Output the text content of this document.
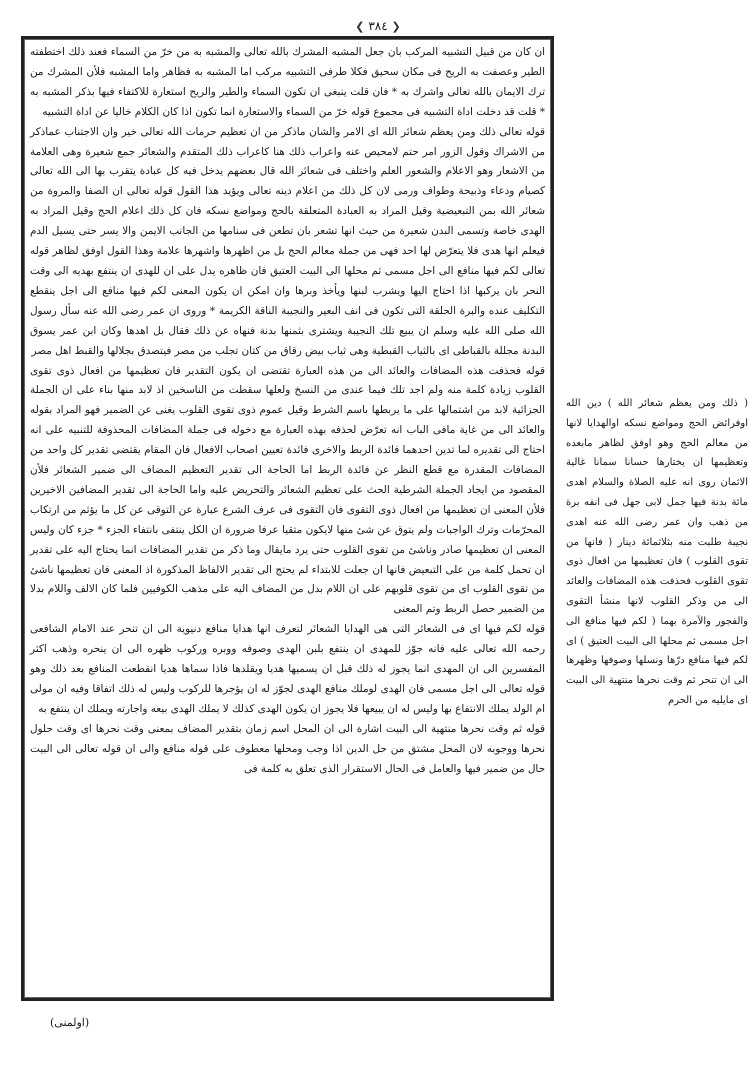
❮ ٣٨٤ ❯

ان كان من قبيل التشبيه المركب بان جعل المشبه المشرك بالله تعالى والمشبه به من خرّ من السماء فعند ذلك اختطفته الطير وعصفت به الريح فى مكان سحيق فكلا طرفى التشبيه مركب اما المشبه به فظاهر واما المشبه فلأن المشرك من ترك الايمان بالله تعالى واشرك به * فان قلت ينبغى ان تكون السماء والطير والريح استعارة للاكتفاء فيها بذكر المشبه به * قلت قد دخلت اداة التشبيه فى مجموع قوله خرّ من السماء والاستعارة انما تكون اذا كان الكلام خاليا عن اداة التشبيه

قوله تعالى ذلك ومن يعظم شعائر الله اى الامر والشان ماذكر من ان تعظيم حرمات الله تعالى خير وان الاجتناب عماذكر من الاشراك وقول الزور امر حتم لامحيص عنه واعراب ذلك هنا كاعراب ذلك المتقدم والشعائر جمع شعيرة وهى العلامة من الاشعار وهو الاعلام والشعور العلم واختلف فى شعائر الله قال بعضهم يدخل فيه كل عبادة يتقرب بها الى الله تعالى كصيام ودعاء وذبيحة وطواف ورمى لان كل ذلك من اعلام دينه تعالى ويؤيد هذا القول قوله تعالى ان الصفا والمروة من شعائر الله بمن التبعيضية وقيل المراد به العبادة المتعلقة بالحج ومواضع نسكه فان كل ذلك اعلام الحج وقيل المراد به الهدى خاصة وتسمى البدن شعيرة من حيث انها تشعر بان تطعن فى سنامها من الجانب الايمن والا يسر حتى يسيل الدم فيعلم انها هدى فلا يتعرّض لها احد فهى من جملة معالم الحج بل من اظهرها واشهرها علامة وهذا القول اوفق لظاهر قوله تعالى لكم فيها منافع الى اجل مسمى ثم محلها الى البيت العتيق فان ظاهره يدل على ان للهدى ان ينتفع بهديه الى وقت النحر بان يركبها اذا احتاج اليها ويشرب لبنها ويأخذ وبرها وان امكن ان يكون المعنى لكم فيها منافع الى اجل ينقطع التكليف عنده والبرة الحلقة التى تكون فى انف البعير والنجيبة الناقة الكريمة * وروى ان عمر رضى الله عنه سأل رسول الله صلى الله عليه وسلم ان يبيع تلك النجيبة ويشترى بثمنها بدنة فنهاه عن ذلك فقال بل اهدها وكان ابن عمر يسوق البدنة مجللة بالقباطى اى بالثياب القبطية وهى ثياب بيض رقاق من كتان تجلب من مصر فيتصدق بجلالها والقبط اهل مصر

قوله فحذفت هذه المضافات والعائد الى من هذه العبارة تقتضى ان يكون التقدير فان تعظيمها من افعال ذوى تقوى القلوب زيادة كلمة منه ولم اجد تلك فيما عندى من النسخ ولعلها سقطت من الناسخين اذ لابد منها بناء على ان الجملة الجزائية لابد من اشتمالها على ما يربطها باسم الشرط وقيل عموم ذوى تقوى القلوب يغنى عن الضمير فهو المراد بقوله والعائد الى من غاية مافى الباب انه تعرّض لحذفه بهذه العبارة مع دخوله فى جملة المضافات المحذوفة للتنبيه على انه احتاج الى تقديره لما تدين احدهما فائدة الربط والاخرى فائدة تعيين اصحاب الافعال فان المقام يقتضى تقدير كل واحد من المضافات المقدرة مع قطع النظر عن فائدة الربط اما الحاجة الى تقدير التعظيم المضاف الى ضمير الشعائر فلأن المقصود من ايجاد الجملة الشرطية الحث على تعظيم الشعائر والتحريض عليه واما الحاجة الى تقدير المضافين الاخيرين فلأن المعنى ان تعظيمها من افعال ذوى التقوى فان التقوى فى عرف الشرع عبارة عن التوقى عن كل ما يؤثم من ارتكاب المحرّمات وترك الواجبات ولم يتوق عن شئ منها لايكون متقيا عرفا ضرورة ان الكل ينتفى بانتفاء الجزء * جزء كان وليس المعنى ان تعظيمها صادر وناشئ من تقوى القلوب حتى يرد مايقال وما ذكر من تقدير المضافات انما يحتاج اليه على تقدير ان تحمل كلمة من على التبعيض فانها ان جعلت للابتداء لم يحتج الى تقدير الالفاظ المذكورة اذ المعنى فان تعظيمها ناشئ من تقوى القلوب اى من تقوى قلوبهم على ان اللام بدل من المضاف اليه على مذهب الكوفيين فلما كان الالف واللام بدلا من الضمير حصل الربط وتم المعنى

قوله لكم فيها اى فى الشعائر التى هى الهدايا الشعائر لتعرف انها هدايا منافع دنيوية الى ان تنحر عند الامام الشافعى رحمه الله تعالى عليه فانه جوّز للمهدى ان ينتفع بلبن الهدى وصوفه ووبره وركوب ظهره الى ان ينحره وذهب اكثر المفسرين الى ان المهدى انما يجوز له ذلك قبل ان يسميها هديا ويقلدها فاذا سماها هديا انقطعت المنافع بعد ذلك وهو قوله تعالى الى اجل مسمى فان الهدى لوملك منافع الهدى لجوّز له ان يؤجرها للركوب وليس له ذلك اتفاقا وفيه ان مولى ام الولد يملك الانتفاع بها وليس له ان يبيعها فلا يجوز ان يكون الهدى كذلك لا يملك الهدى بيعه واجارته ويملك ان ينتفع به

قوله ثم وقت نحرها منتهية الى البيت اشارة الى ان المحل اسم زمان بتقدير المضاف بمعنى وقت نحرها اى وقت حلول نحرها ووجوبه لان المحل مشتق من حل الدين اذا وجب ومحلها معطوف على قوله منافع والى ان قوله تعالى الى البيت حال من ضمير فيها والعامل فى الحال الاستقرار الذى تعلق به كلمة فى

( ذلك ومن يعظم شعائر الله ) دين الله اوفرائض الحج ومواضع نسكه اوالهدايا لانها من معالم الحج وهو اوفق لظاهر مابعده وتعظيمها ان يختارها حسانا سمانا غالية الاثمان روى انه عليه الصلاة والسلام اهدى مائة بدنة فيها جمل لابى جهل فى انفه برة من ذهب وان عمر رضى الله عنه اهدى نجيبة طلبت منه بثلاثمائة دينار ( فانها من تقوى القلوب ) فان تعظيمها من افعال ذوى تقوى القلوب فحذفت هذه المضافات والعائد الى من وذكر القلوب لانها منشأ التقوى والفجور والآمرة بهما ( لكم فيها منافع الى اجل مسمى ثم محلها الى البيت العتيق ) اى لكم فيها منافع درّها ونسلها وصوفها وظهرها الى ان تنحر ثم وقت نحرها منتهية الى البيت اى مايليه من الحرم
(اولمنى)
